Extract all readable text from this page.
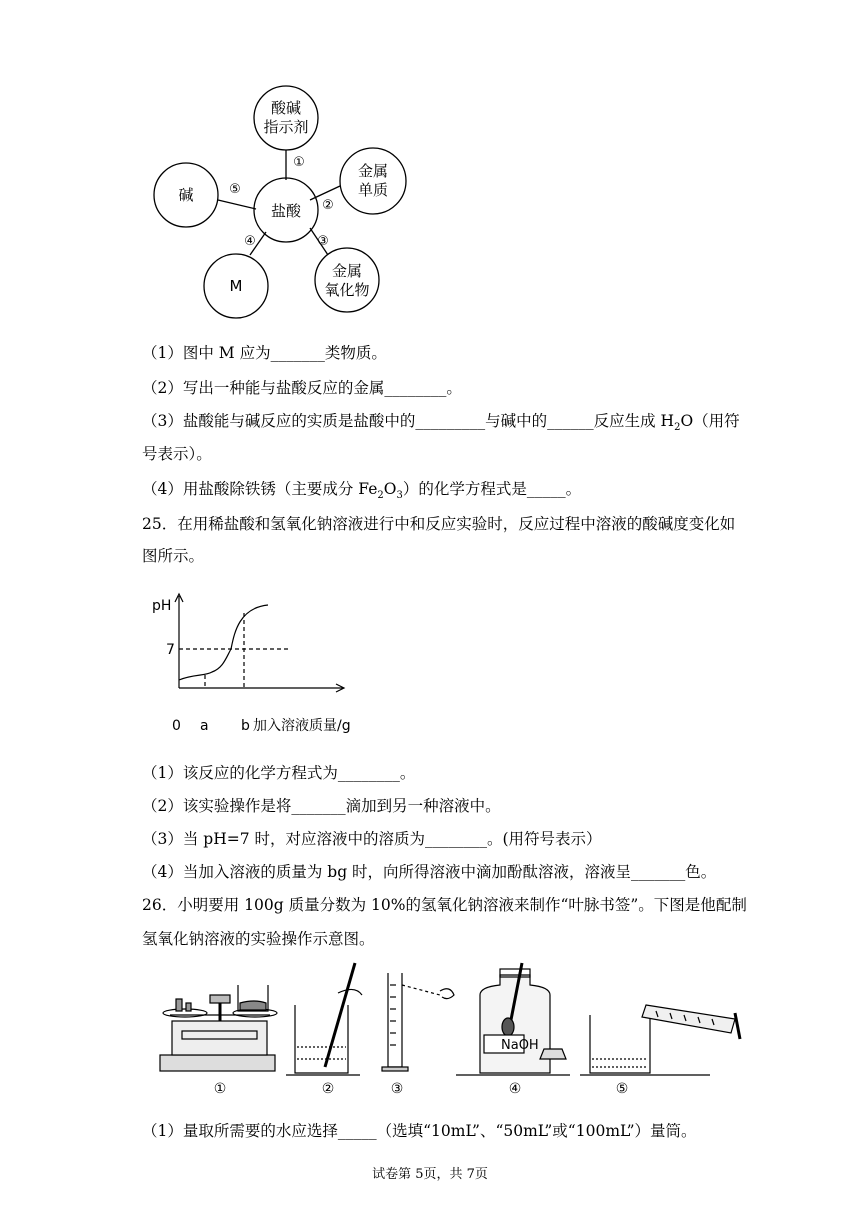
酸碱
指示剂
盐酸
金属
单质
金属
氧化物
M
碱
①
②
③
④
⑤
（1）图中 M 应为_______类物质。
（2）写出一种能与盐酸反应的金属________。
（3）盐酸能与碱反应的实质是盐酸中的_________与碱中的______反应生成 $H_2O$（用符
号表示）。
（4）用盐酸除铁锈（主要成分 $Fe_2O_3$）的化学方程式是_____。
25．在用稀盐酸和氢氧化钠溶液进行中和反应实验时，反应过程中溶液的酸碱度变化如
图所示。
pH
7
0 a b 加入溶液质量/g
（1）该反应的化学方程式为________。
（2）该实验操作是将_______滴加到另一种溶液中。
（3）当 pH=7 时，对应溶液中的溶质为________。(用符号表示）
（4）当加入溶液的质量为 bg 时，向所得溶液中滴加酚酞溶液，溶液呈_______色。
26．小明要用 100g 质量分数为 10%的氢氧化钠溶液来制作“叶脉书签”。下图是他配制
氢氧化钠溶液的实验操作示意图。
NaOH
①	②	③	④	⑤
（1）量取所需要的水应选择_____（选填“10mL”、“50mL”或“100mL”）量筒。
试卷第 5页，共 7页
